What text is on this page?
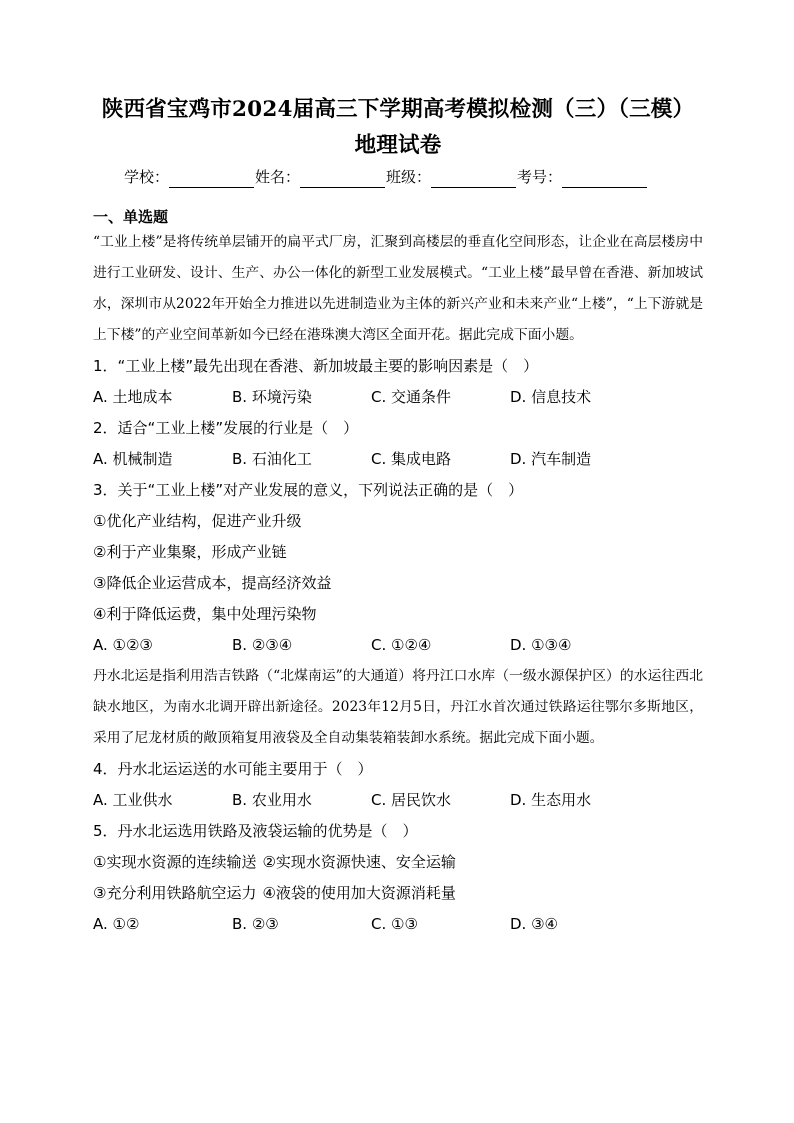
陕西省宝鸡市2024届高三下学期高考模拟检测（三）（三模）地理试卷
学校：	姓名：	班级：	考号：
一、单选题

“工业上楼”是将传统单层铺开的扁平式厂房，汇聚到高楼层的垂直化空间形态，让企业在高层楼房中进行工业研发、设计、生产、办公一体化的新型工业发展模式。“工业上楼”最早曾在香港、新加坡试水，深圳市从2022年开始全力推进以先进制造业为主体的新兴产业和未来产业“上楼”，“上下游就是上下楼”的产业空间革新如今已经在港珠澳大湾区全面开花。据此完成下面小题。

1．“工业上楼”最先出现在香港、新加坡最主要的影响因素是（　）

A. 土地成本	B. 环境污染	C. 交通条件	D. 信息技术

2．适合“工业上楼”发展的行业是（　）

A. 机械制造	B. 石油化工	C. 集成电路	D. 汽车制造

3．关于“工业上楼”对产业发展的意义，下列说法正确的是（　）

①优化产业结构，促进产业升级
②利于产业集聚，形成产业链
③降低企业运营成本，提高经济效益
④利于降低运费，集中处理污染物
A. ①②③	B. ②③④	C. ①②④	D. ①③④

丹水北运是指利用浩吉铁路（“北煤南运”的大通道）将丹江口水库（一级水源保护区）的水运往西北缺水地区，为南水北调开辟出新途径。2023年12月5日，丹江水首次通过铁路运往鄂尔多斯地区，采用了尼龙材质的敞顶箱复用液袋及全自动集装箱装卸水系统。据此完成下面小题。

4．丹水北运运送的水可能主要用于（　）

A. 工业供水	B. 农业用水	C. 居民饮水	D. 生态用水

5．丹水北运选用铁路及液袋运输的优势是（　）

①实现水资源的连续输送 ②实现水资源快速、安全运输
③充分利用铁路航空运力 ④液袋的使用加大资源消耗量
A. ①②	B. ②③	C. ①③	D. ③④
